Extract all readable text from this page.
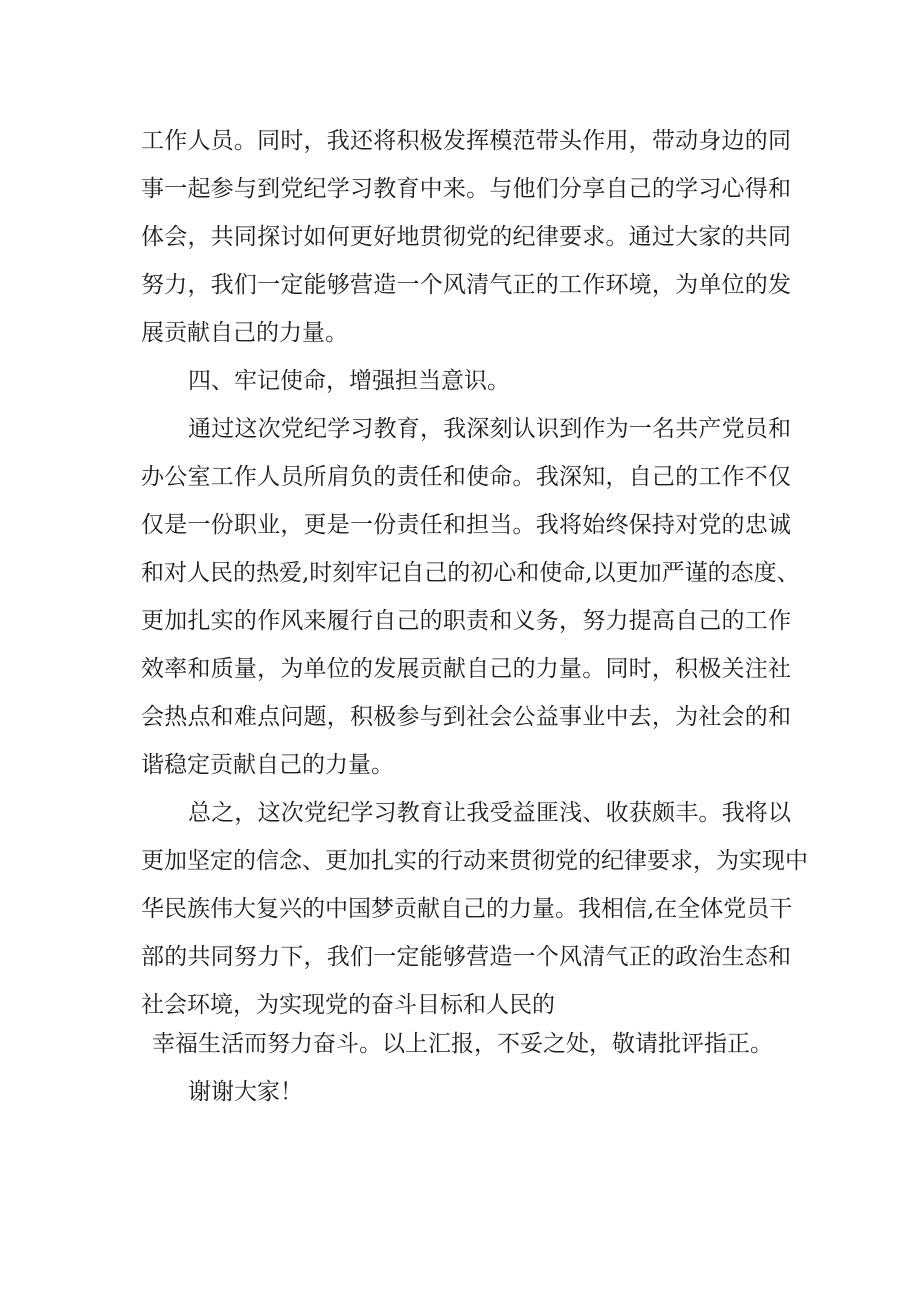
工作人员。同时，我还将积极发挥模范带头作用，带动身边的同
事一起参与到党纪学习教育中来。与他们分享自己的学习心得和
体会，共同探讨如何更好地贯彻党的纪律要求。通过大家的共同
努力，我们一定能够营造一个风清气正的工作环境，为单位的发
展贡献自己的力量。
四、牢记使命，增强担当意识。
通过这次党纪学习教育，我深刻认识到作为一名共产党员和
办公室工作人员所肩负的责任和使命。我深知，自己的工作不仅
仅是一份职业，更是一份责任和担当。我将始终保持对党的忠诚
和对人民的热爱,时刻牢记自己的初心和使命,以更加严谨的态度、
更加扎实的作风来履行自己的职责和义务，努力提高自己的工作
效率和质量，为单位的发展贡献自己的力量。同时，积极关注社
会热点和难点问题，积极参与到社会公益事业中去，为社会的和
谐稳定贡献自己的力量。
总之，这次党纪学习教育让我受益匪浅、收获颇丰。我将以
更加坚定的信念、更加扎实的行动来贯彻党的纪律要求，为实现中
华民族伟大复兴的中国梦贡献自己的力量。我相信,在全体党员干
部的共同努力下，我们一定能够营造一个风清气正的政治生态和
社会环境，为实现党的奋斗目标和人民的
幸福生活而努力奋斗。以上汇报，不妥之处，敬请批评指正。
谢谢大家！
